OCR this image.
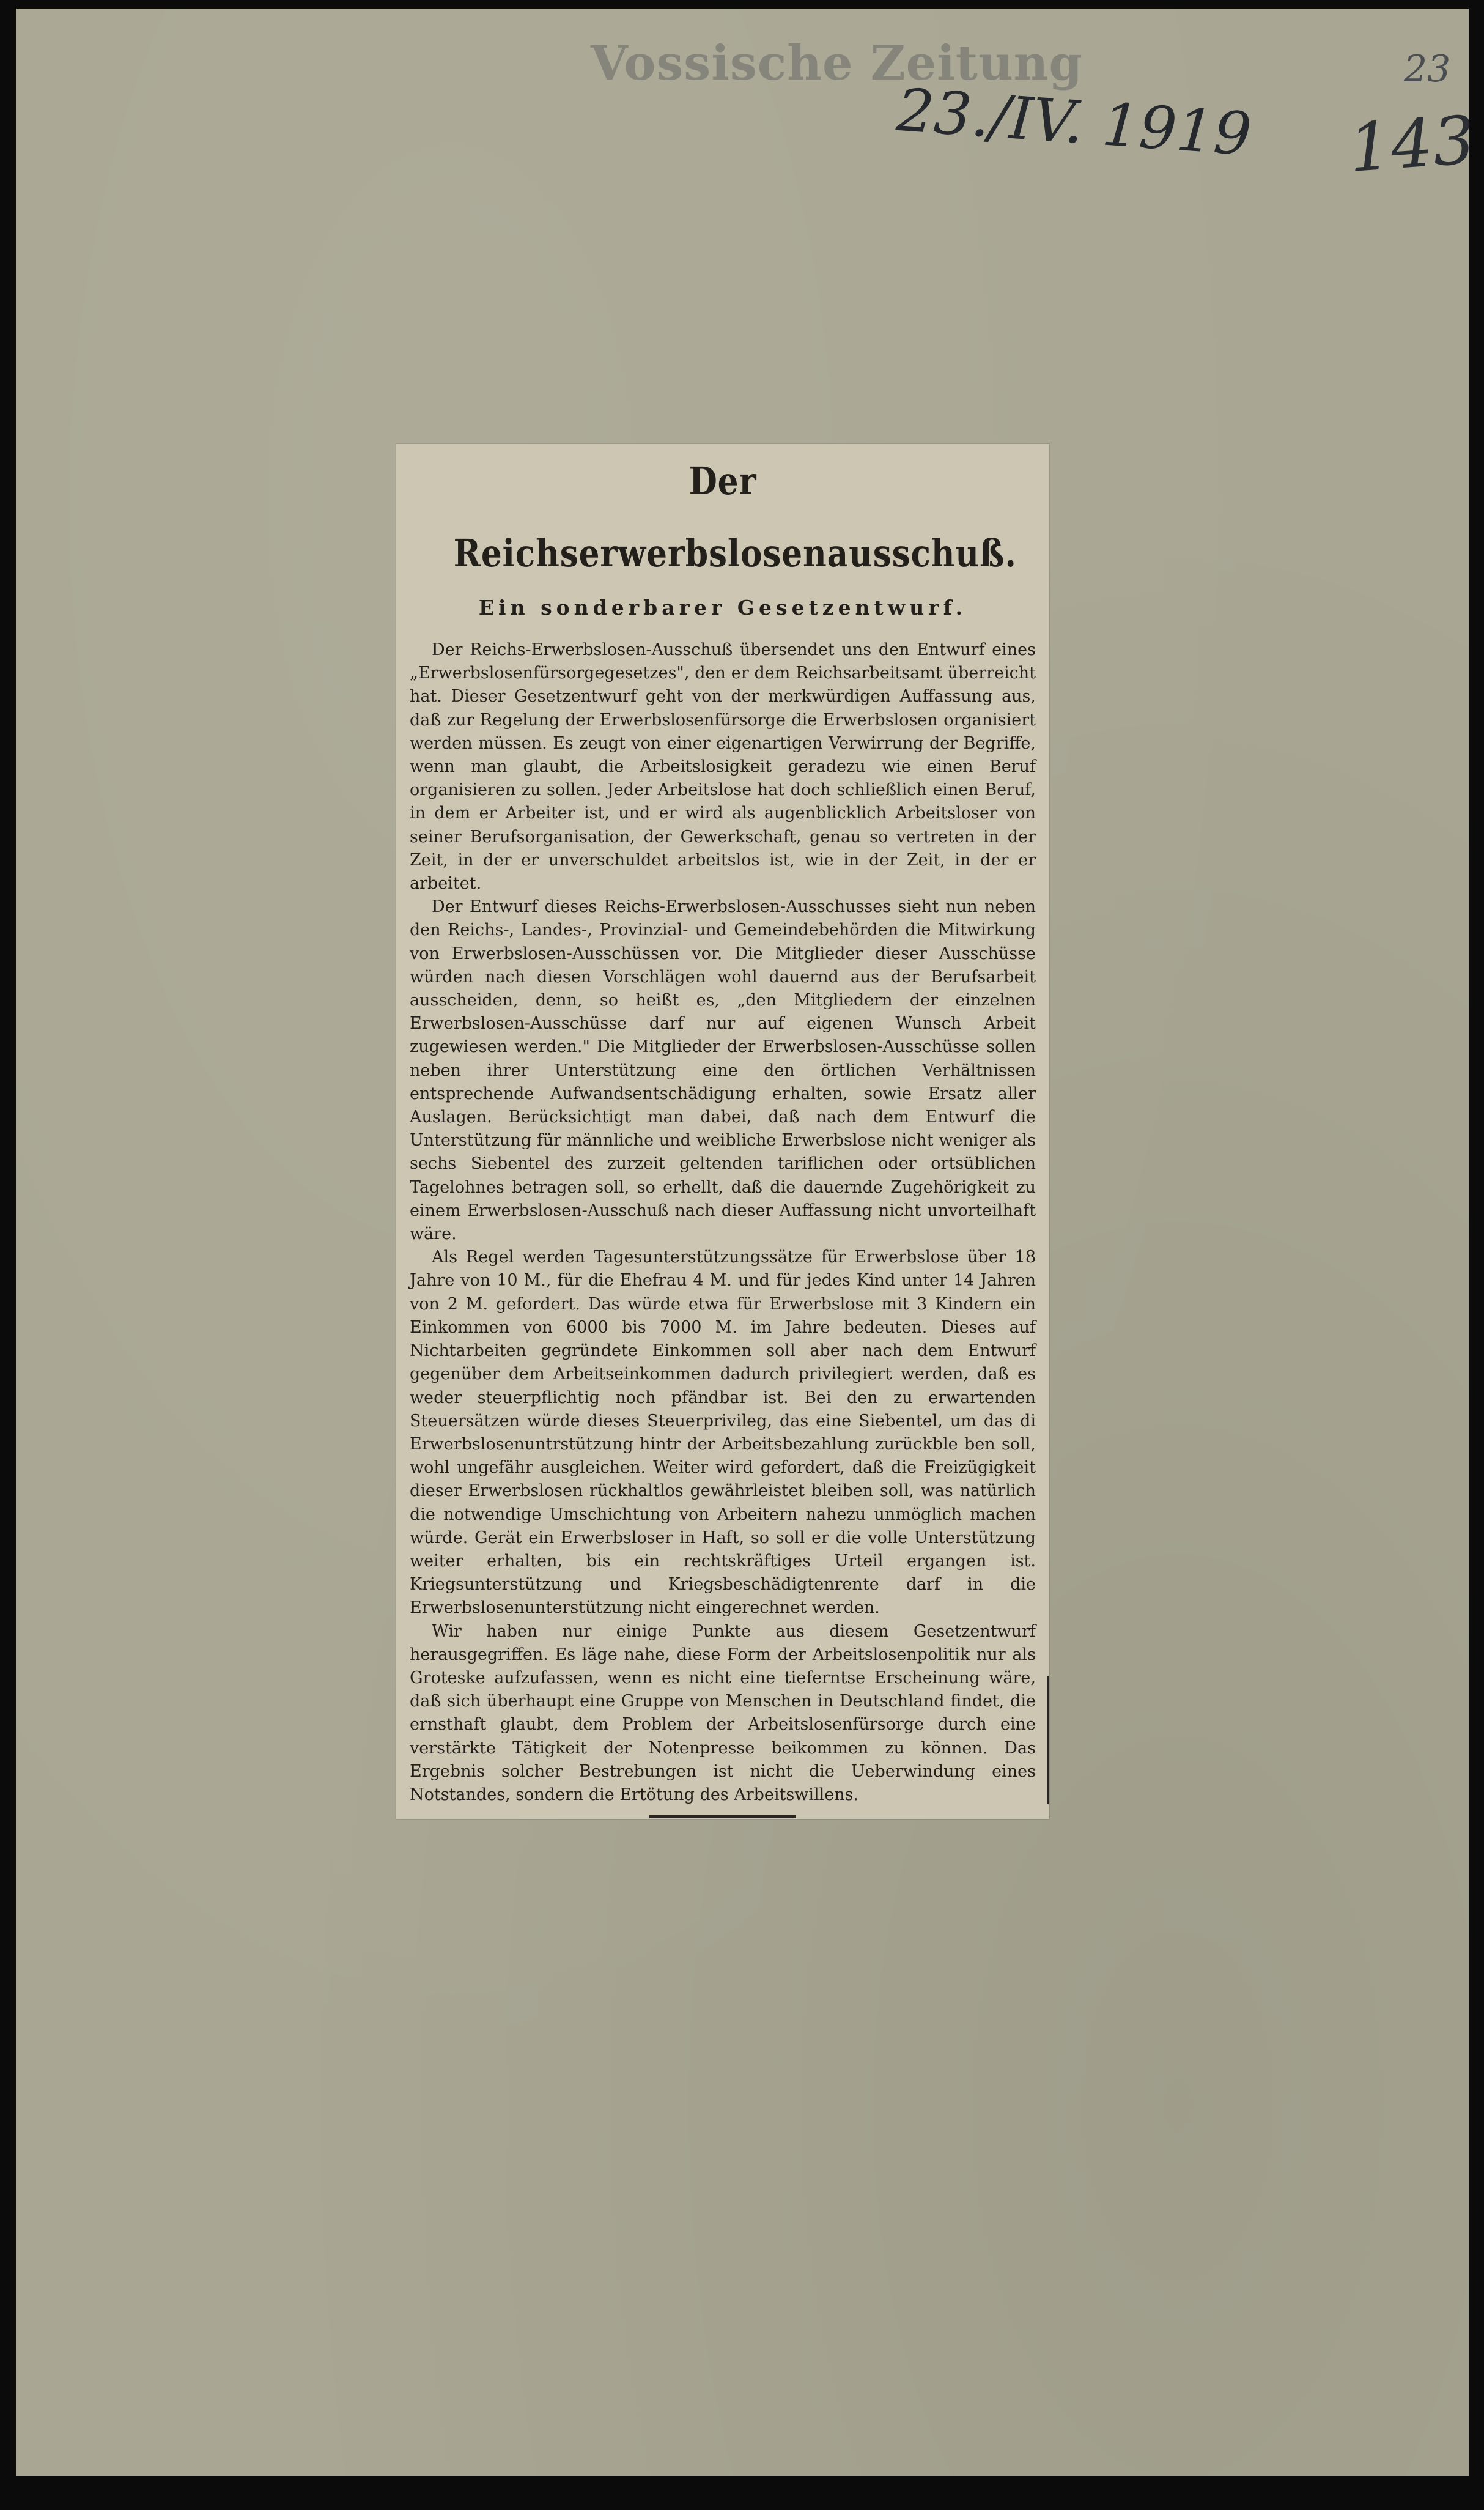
Vossische Zeitung
23./IV. 1919
23
143
Der Reichserwerbslosenausschuß.
Ein sonderbarer Gesetzentwurf.

Der Reichs-Erwerbslosen-Ausschuß übersendet uns den Entwurf eines „Erwerbslosenfürsorgegesetzes", den er dem Reichsarbeitsamt überreicht hat. Dieser Gesetzentwurf geht von der merkwürdigen Auffassung aus, daß zur Regelung der Erwerbslosenfürsorge die Erwerbslosen organisiert werden müssen. Es zeugt von einer eigenartigen Verwirrung der Begriffe, wenn man glaubt, die Arbeitslosigkeit geradezu wie einen Beruf organisieren zu sollen. Jeder Arbeitslose hat doch schließlich einen Beruf, in dem er Arbeiter ist, und er wird als augenblicklich Arbeitsloser von seiner Berufsorganisation, der Gewerkschaft, genau so vertreten in der Zeit, in der er unverschuldet arbeitslos ist, wie in der Zeit, in der er arbeitet.

Der Entwurf dieses Reichs-Erwerbslosen-Ausschusses sieht nun neben den Reichs-, Landes-, Provinzial- und Gemeindebehörden die Mitwirkung von Erwerbslosen-Ausschüssen vor. Die Mitglieder dieser Ausschüsse würden nach diesen Vorschlägen wohl dauernd aus der Berufsarbeit ausscheiden, denn, so heißt es, „den Mitgliedern der einzelnen Erwerbslosen-Ausschüsse darf nur auf eigenen Wunsch Arbeit zugewiesen werden." Die Mitglieder der Erwerbslosen-Ausschüsse sollen neben ihrer Unterstützung eine den örtlichen Verhältnissen entsprechende Aufwandsentschädigung erhalten, sowie Ersatz aller Auslagen. Berücksichtigt man dabei, daß nach dem Entwurf die Unterstützung für männliche und weibliche Erwerbslose nicht weniger als sechs Siebentel des zurzeit geltenden tariflichen oder ortsüblichen Tagelohnes betragen soll, so erhellt, daß die dauernde Zugehörigkeit zu einem Erwerbslosen-Ausschuß nach dieser Auffassung nicht unvorteilhaft wäre.

Als Regel werden Tagesunterstützungssätze für Erwerbslose über 18 Jahre von 10 M., für die Ehefrau 4 M. und für jedes Kind unter 14 Jahren von 2 M. gefordert. Das würde etwa für Erwerbslose mit 3 Kindern ein Einkommen von 6000 bis 7000 M. im Jahre bedeuten. Dieses auf Nichtarbeiten gegründete Einkommen soll aber nach dem Entwurf gegenüber dem Arbeitseinkommen dadurch privilegiert werden, daß es weder steuerpflichtig noch pfändbar ist. Bei den zu erwartenden Steuersätzen würde dieses Steuerprivileg, das eine Siebentel, um das di Erwerbslosenuntrstützung hintr der Arbeitsbezahlung zurückble ben soll, wohl ungefähr ausgleichen. Weiter wird gefordert, daß die Freizügigkeit dieser Erwerbslosen rückhaltlos gewährleistet bleiben soll, was natürlich die notwendige Umschichtung von Arbeitern nahezu unmöglich machen würde. Gerät ein Erwerbsloser in Haft, so soll er die volle Unterstützung weiter erhalten, bis ein rechtskräftiges Urteil ergangen ist. Kriegsunterstützung und Kriegsbeschädigtenrente darf in die Erwerbslosenunterstützung nicht eingerechnet werden.

Wir haben nur einige Punkte aus diesem Gesetzentwurf herausgegriffen. Es läge nahe, diese Form der Arbeitslosenpolitik nur als Groteske aufzufassen, wenn es nicht eine tieferntse Erscheinung wäre, daß sich überhaupt eine Gruppe von Menschen in Deutschland findet, die ernsthaft glaubt, dem Problem der Arbeitslosenfürsorge durch eine verstärkte Tätigkeit der Notenpresse beikommen zu können. Das Ergebnis solcher Bestrebungen ist nicht die Ueberwindung eines Notstandes, sondern die Ertötung des Arbeitswillens.
